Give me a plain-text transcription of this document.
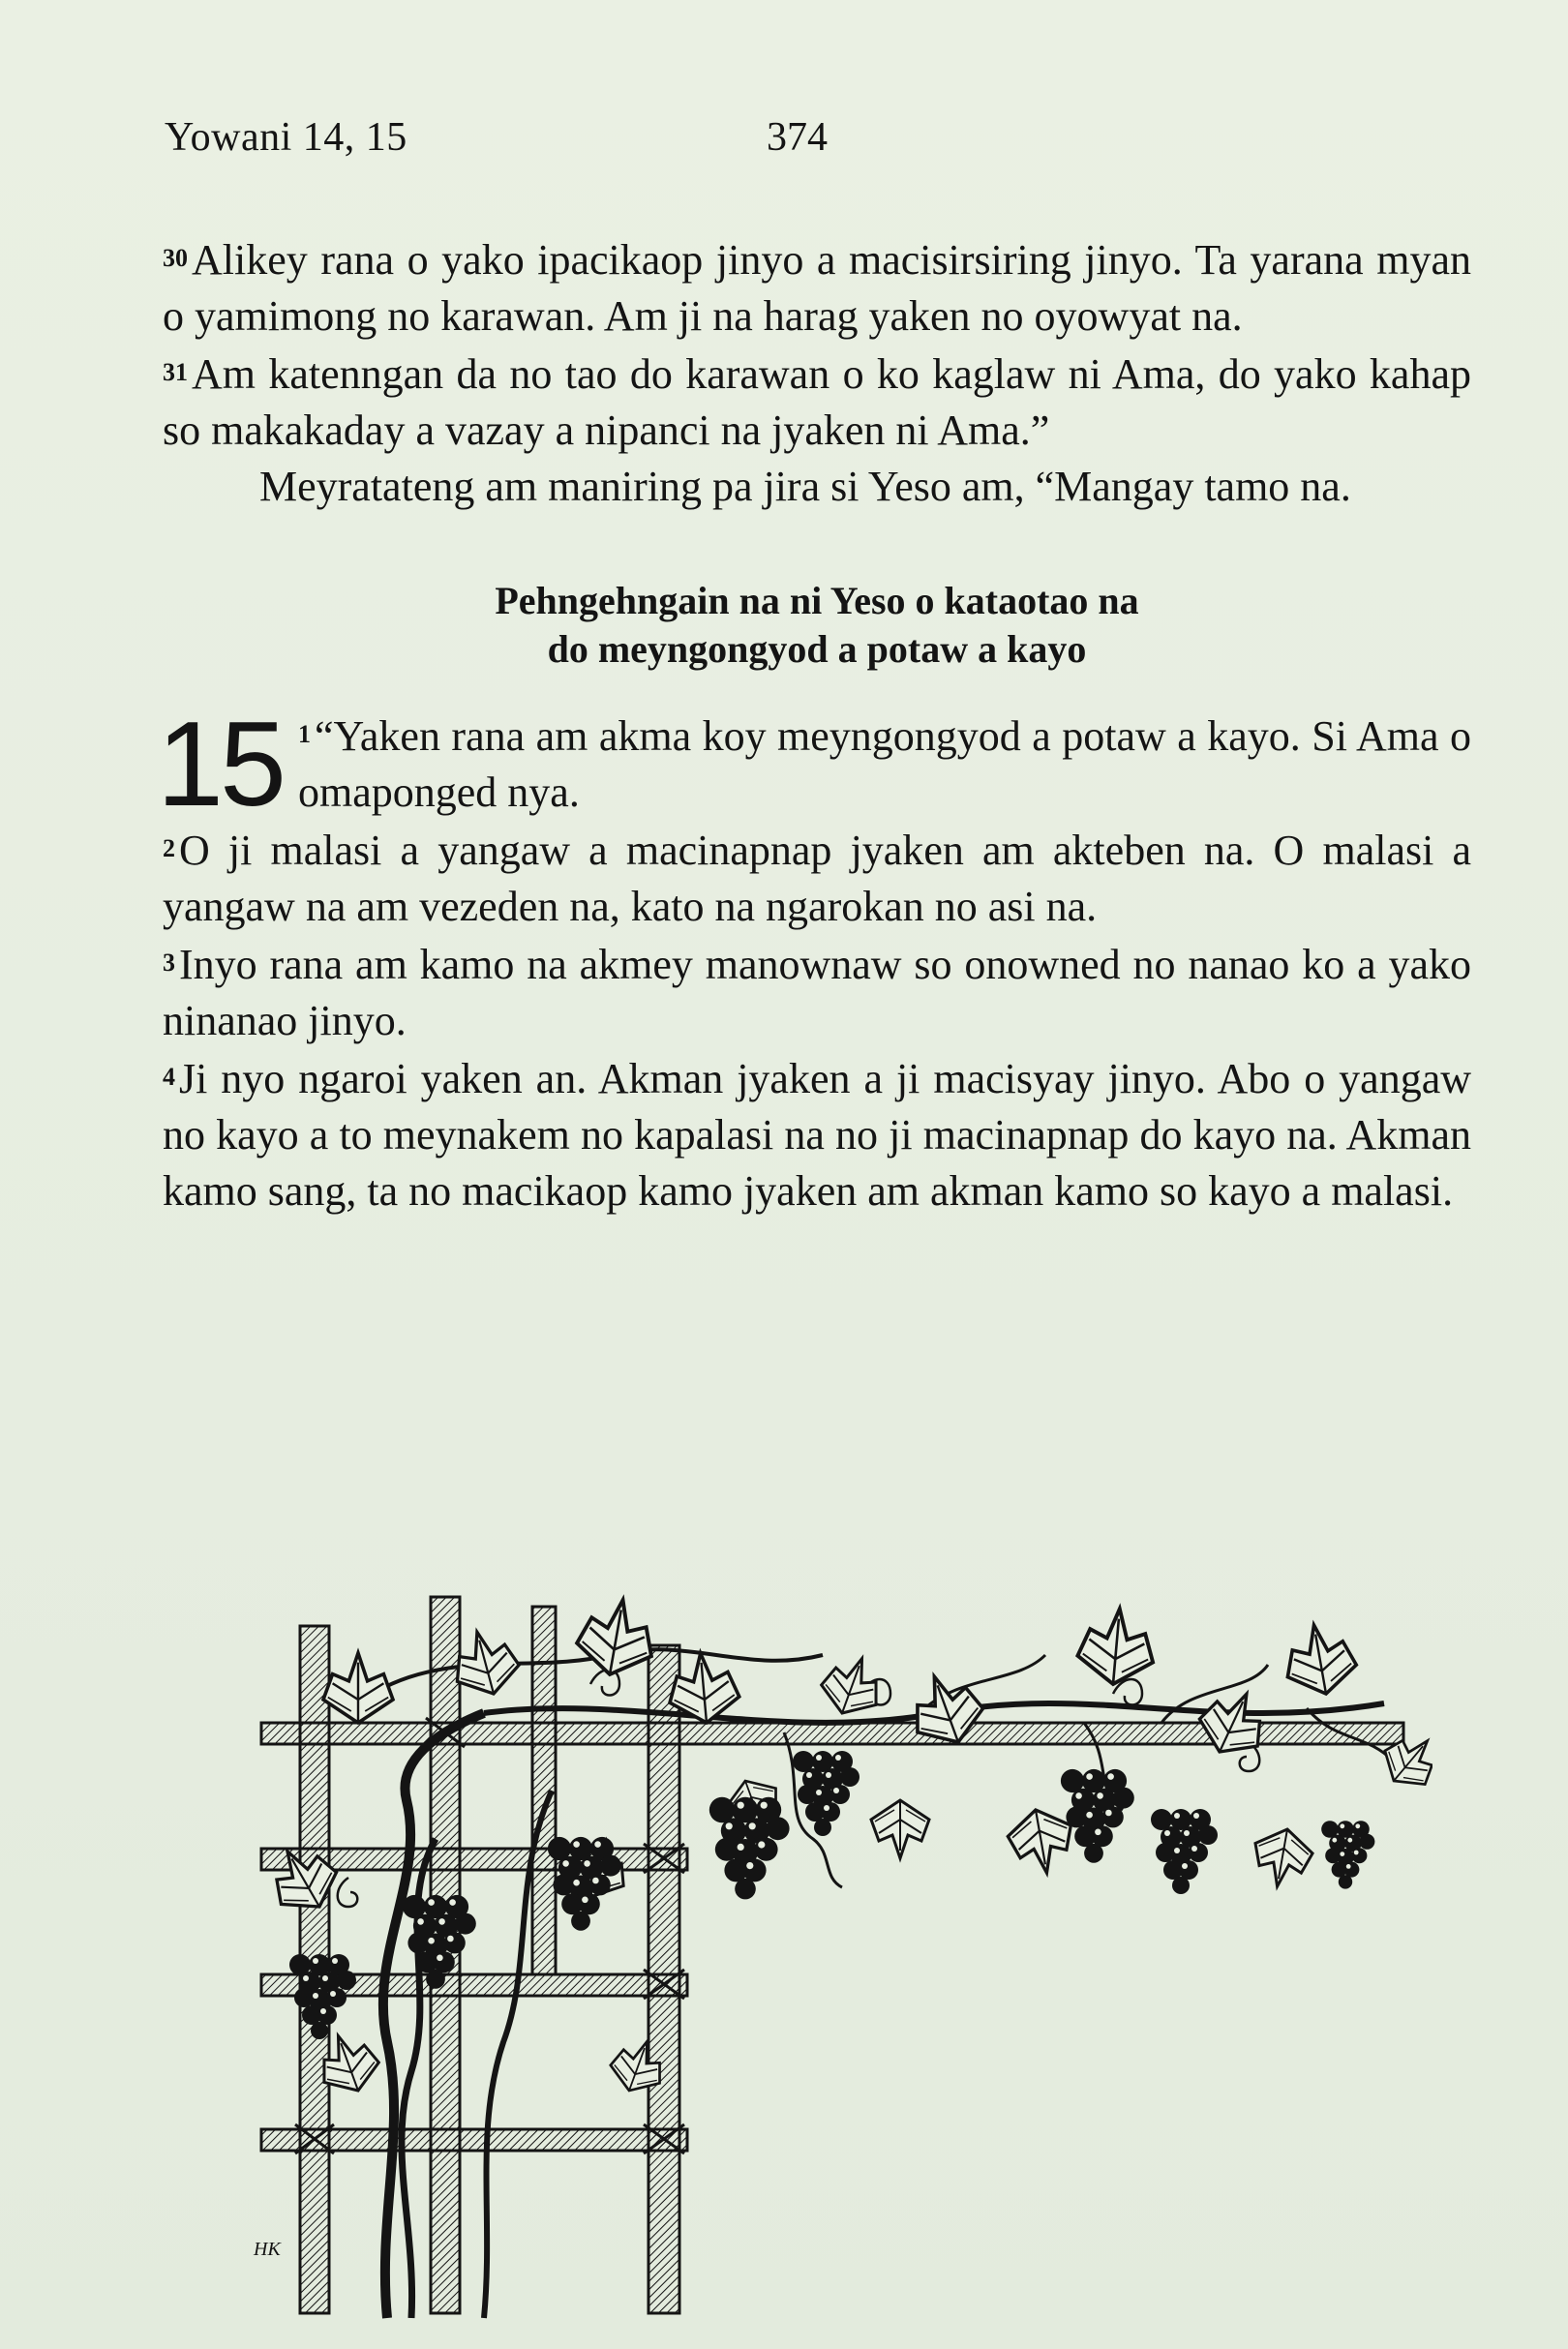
Yowani 14, 15	374

30Alikey rana o yako ipacikaop jinyo a macisirsiring jinyo. Ta yarana myan o yamimong no karawan. Am ji na harag yaken no oyowyat na.

31Am katenngan da no tao do karawan o ko kaglaw ni Ama, do yako kahap so makakaday a vazay a nipanci na jyaken ni Ama.”

Meyratateng am maniring pa jira si Yeso am, “Mangay tamo na.

Pehngehngain na ni Yeso o kataotao na
do meyngongyod a potaw a kayo
15 1“Yaken rana am akma koy meyngongyod a potaw a kayo. Si Ama o omaponged nya.

2O ji malasi a yangaw a macinapnap jyaken am akteben na. O malasi a yangaw na am vezeden na, kato na ngarokan no asi na.

3Inyo rana am kamo na akmey manownaw so onowned no nanao ko a yako ninanao jinyo.

4Ji nyo ngaroi yaken an. Akman jyaken a ji macisyay jinyo. Abo o yangaw no kayo a to meynakem no kapalasi na no ji macinapnap do kayo na. Akman kamo sang, ta no macikaop kamo jyaken am akman kamo so kayo a malasi.

HK
